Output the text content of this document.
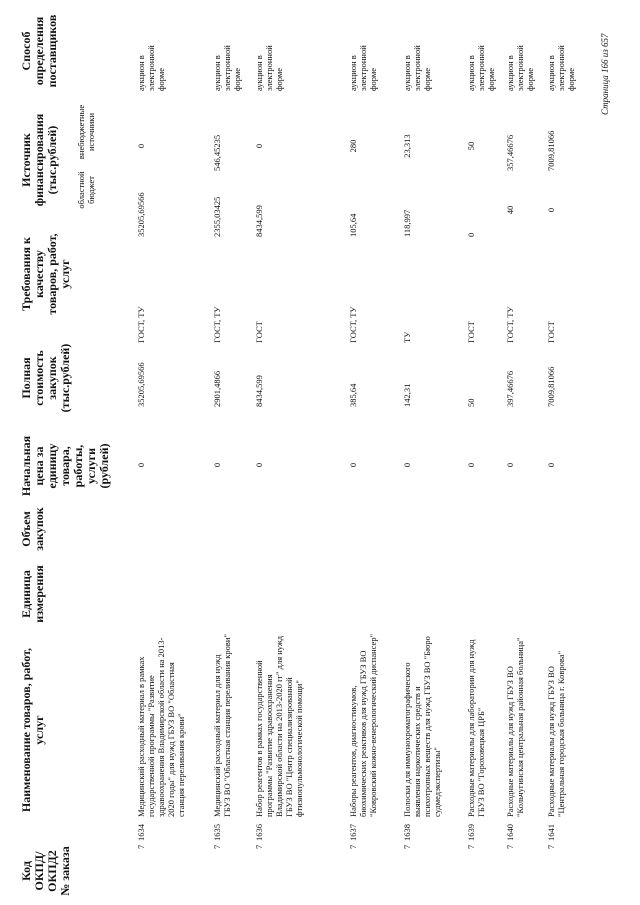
Код ОКПД/ ОКПД2 № заказа
Наименование товаров, работ, услуг
Единица измерения
Объем закупок
Начальная цена за единицу товара, работы, услуги (рублей)
Полная стоимость закупок (тыс.рублей)
Требования к качеству товаров, работ, услуг
Источник финансирования (тыс.рублей) областной бюджет
внебюджетные источники
Способ определения поставщиков
7
1634
Медицинский расходный материал в рамках государственной программы "Развитие здравоохранения Владимирской области на 2013-2020 годы" для нужд ГБУЗ ВО "Областная станция переливания крови"
0
35205,69566
ГОСТ, ТУ
35205,69566
0
аукцион в электронной форме
7
1635
Медицинский расходный материал для нужд ГБУЗ ВО "Областная станция переливания крови"
0
2901,4866
ГОСТ, ТУ
2355,03425
546,45235
аукцион в электронной форме
7
1636
Набор реагентов в рамках государственной программы "Развитие здравоохранения Владимирской области на 2013-2020 гг" для нужд ГБУЗ ВО "Центр специализированной фтизиопульмонологической помощи"
0
8434,599
ГОСТ
8434,599
0
аукцион в электронной форме
7
1637
Наборы реагентов, диагностикумов, биохимических реактивов для нужд ГБУЗ ВО "Ковровский кожно-венерологический диспансер"
0
385,64
ГОСТ, ТУ
105,64
280
аукцион в электронной форме
7
1638
Полоски для иммунохроматографического выявления наркотических средств и психотропных веществ для нужд ГБУЗ ВО "Бюро судмедэкспертизы"
0
142,31
ТУ
118,997
23,313
аукцион в электронной форме
7
1639
Расходные материалы для лаборатории для нужд ГБУЗ ВО "Гороховецкая ЦРБ"
0
50
ГОСТ
0
50
аукцион в электронной форме
7
1640
Расходные материалы для нужд ГБУЗ ВО "Кольчугинская центральная районная больница"
0
397,46676
ГОСТ, ТУ
40
357,46676
аукцион в электронной форме
7
1641
Расходные материалы для нужд ГБУЗ ВО "Центральная городская больница г. Коврова"
0
7009,81066
ГОСТ
0
7009,81066
аукцион в электронной форме	Страница 166 из 657
